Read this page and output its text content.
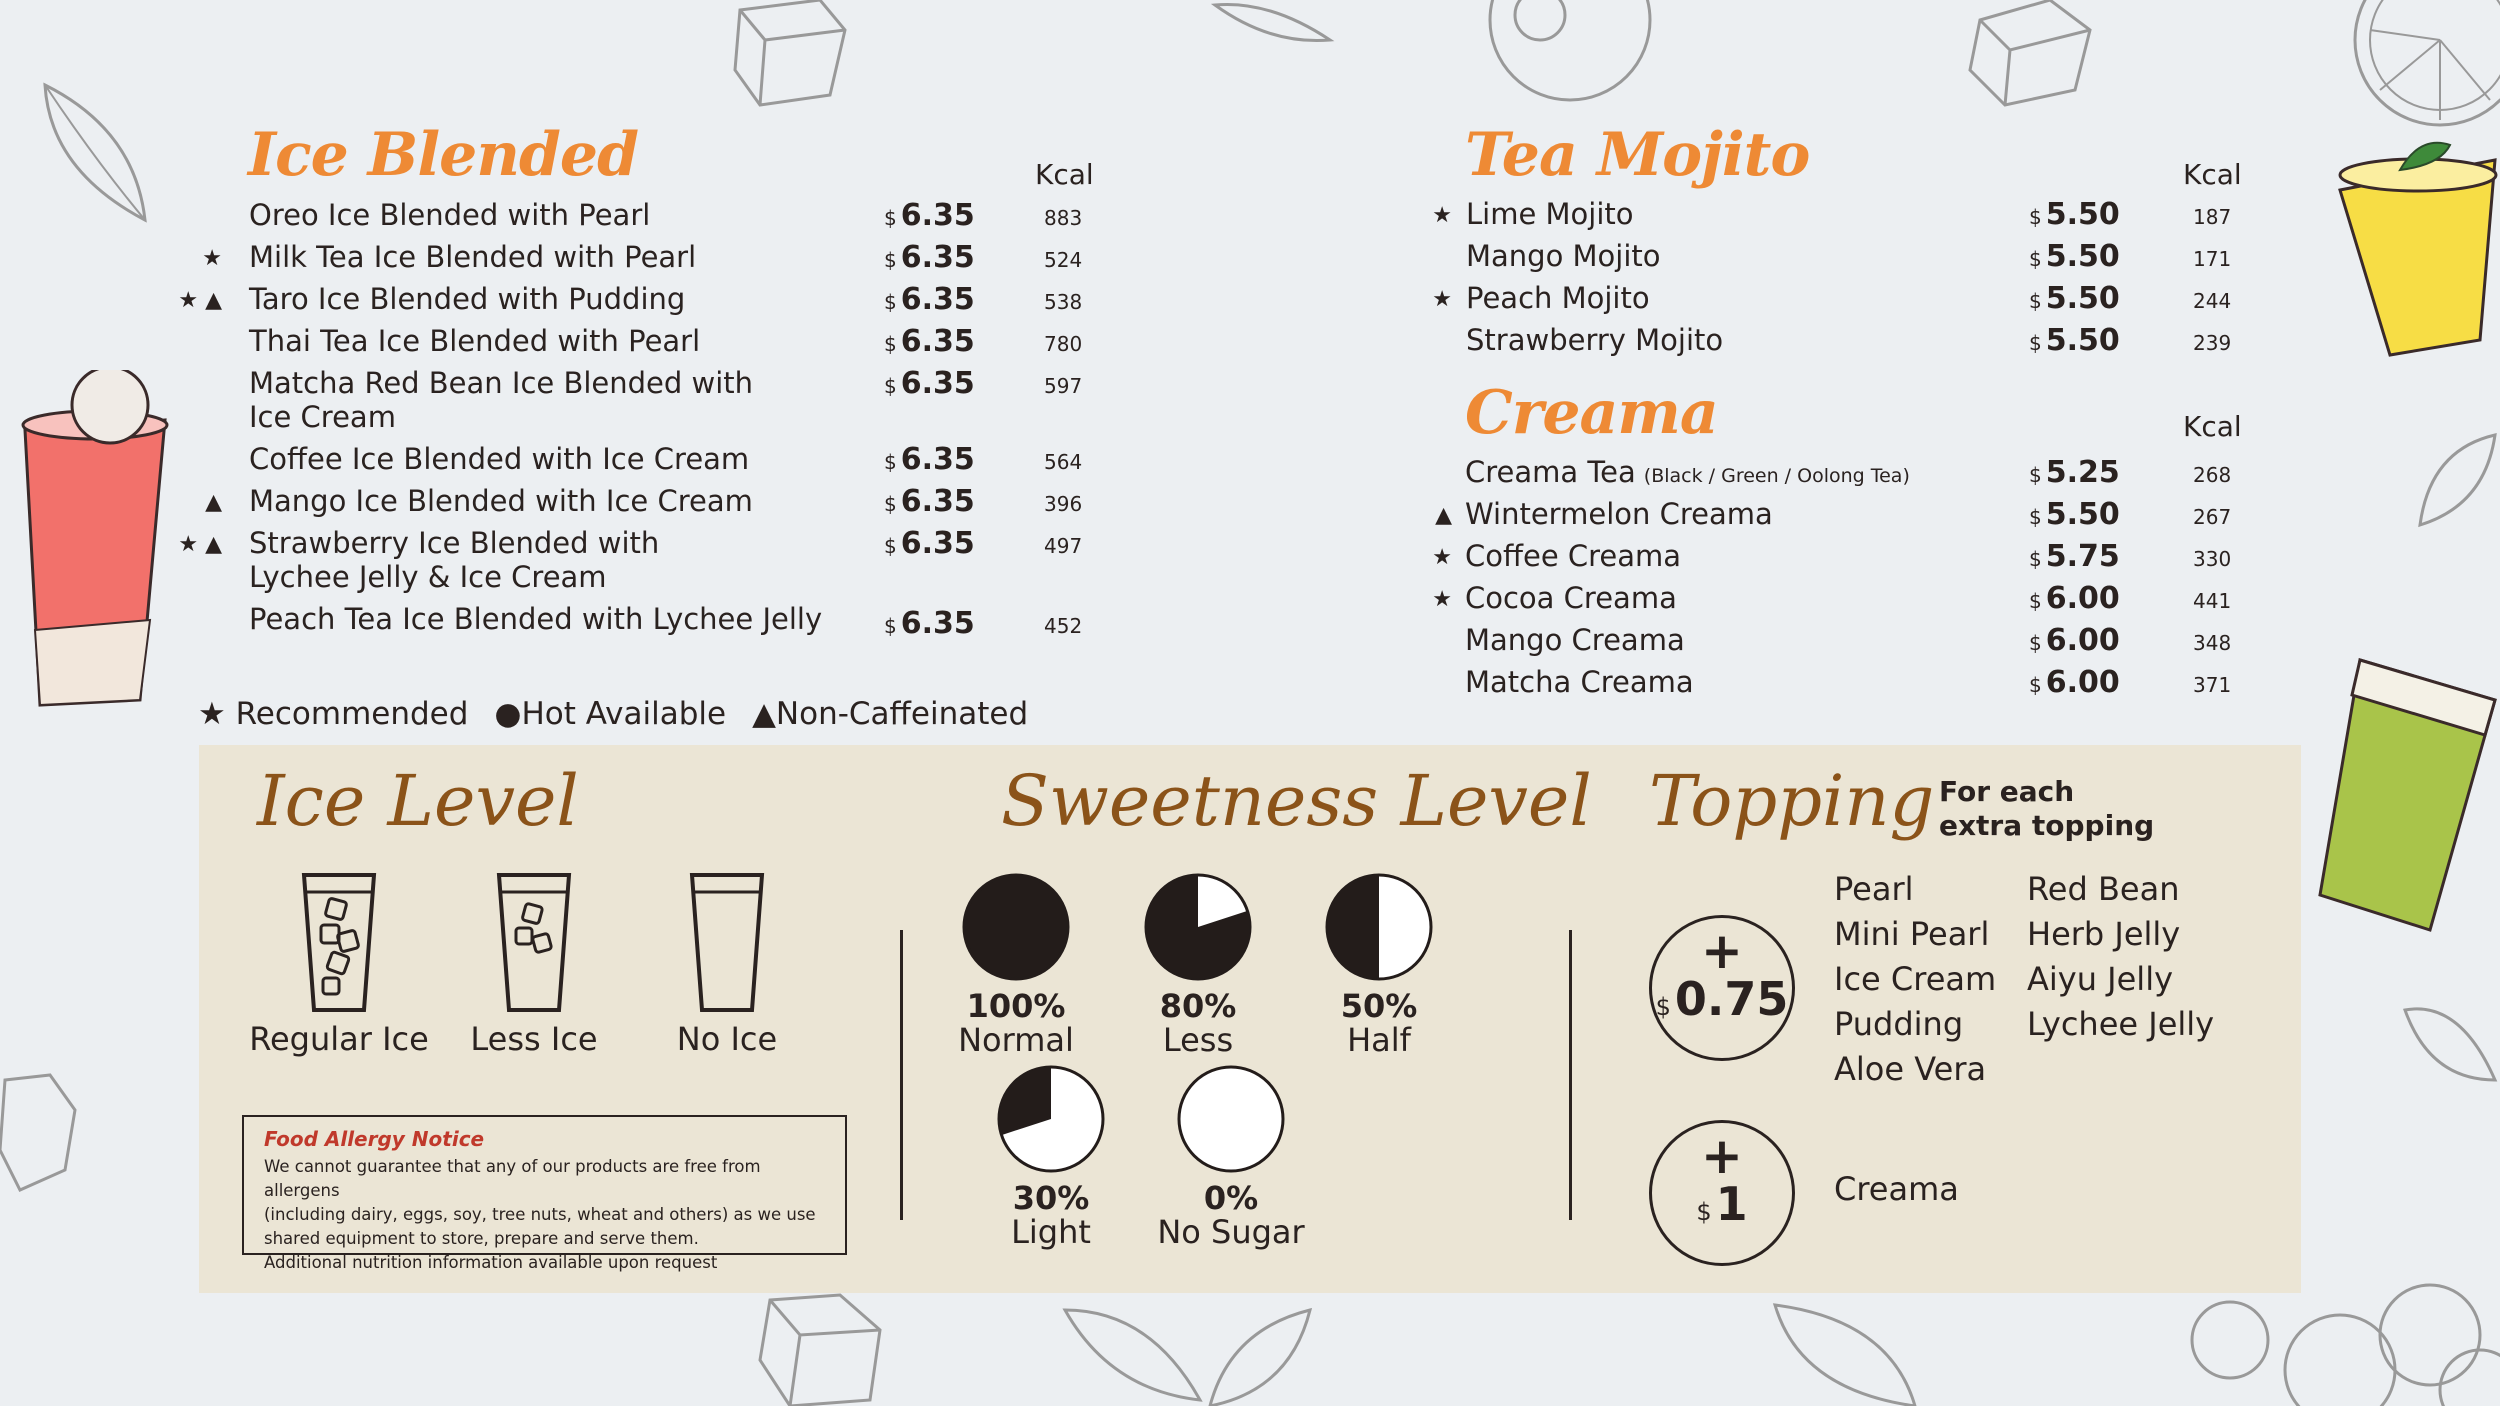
Ice Blended	Kcal
Oreo Ice Blended with Pearl	$ 6.35	883
★ Milk Tea Ice Blended with Pearl	$ 6.35	524
★ ▲ Taro Ice Blended with Pudding	$ 6.35	538
Thai Tea Ice Blended with Pearl	$ 6.35	780
Matcha Red Bean Ice Blended with
Ice Cream
$ 6.35	597
Coffee Ice Blended with Ice Cream	$ 6.35	564
▲ Mango Ice Blended with Ice Cream	$ 6.35	396
★ ▲ Strawberry Ice Blended with
Lychee Jelly & Ice Cream
$ 6.35	497
Peach Tea Ice Blended with Lychee Jelly	$ 6.35	452
Tea Mojito	Kcal
★ Lime Mojito	$ 5.50	187
Mango Mojito	$ 5.50	171
★ Peach Mojito	$ 5.50	244
Strawberry Mojito	$ 5.50	239
Creama	Kcal
Creama Tea (Black / Green / Oolong Tea)	$ 5.25	268
▲ Wintermelon Creama	$ 5.50	267
★ Coffee Creama	$ 5.75	330
★ Cocoa Creama	$ 6.00	441
Mango Creama	$ 6.00	348
Matcha Creama	$ 6.00	371
★ Recommended ●Hot Available ▲Non-Caffeinated
Ice Level
Regular Ice	Less Ice	No Ice
Food Allergy Notice
We cannot guarantee that any of our products are free from allergens
(including dairy, eggs, soy, tree nuts, wheat and others) as we use
shared equipment to store, prepare and serve them.
Additional nutrition information available upon request
Sweetness Level
100%
Normal
80%
Less
50%
Half
30%
Light
0%
No Sugar
Topping For each
extra topping
+
$0.75
Pearl
Mini Pearl
Ice Cream
Pudding
Aloe Vera
Red Bean
Herb Jelly
Aiyu Jelly
Lychee Jelly
+
$1	Creama
